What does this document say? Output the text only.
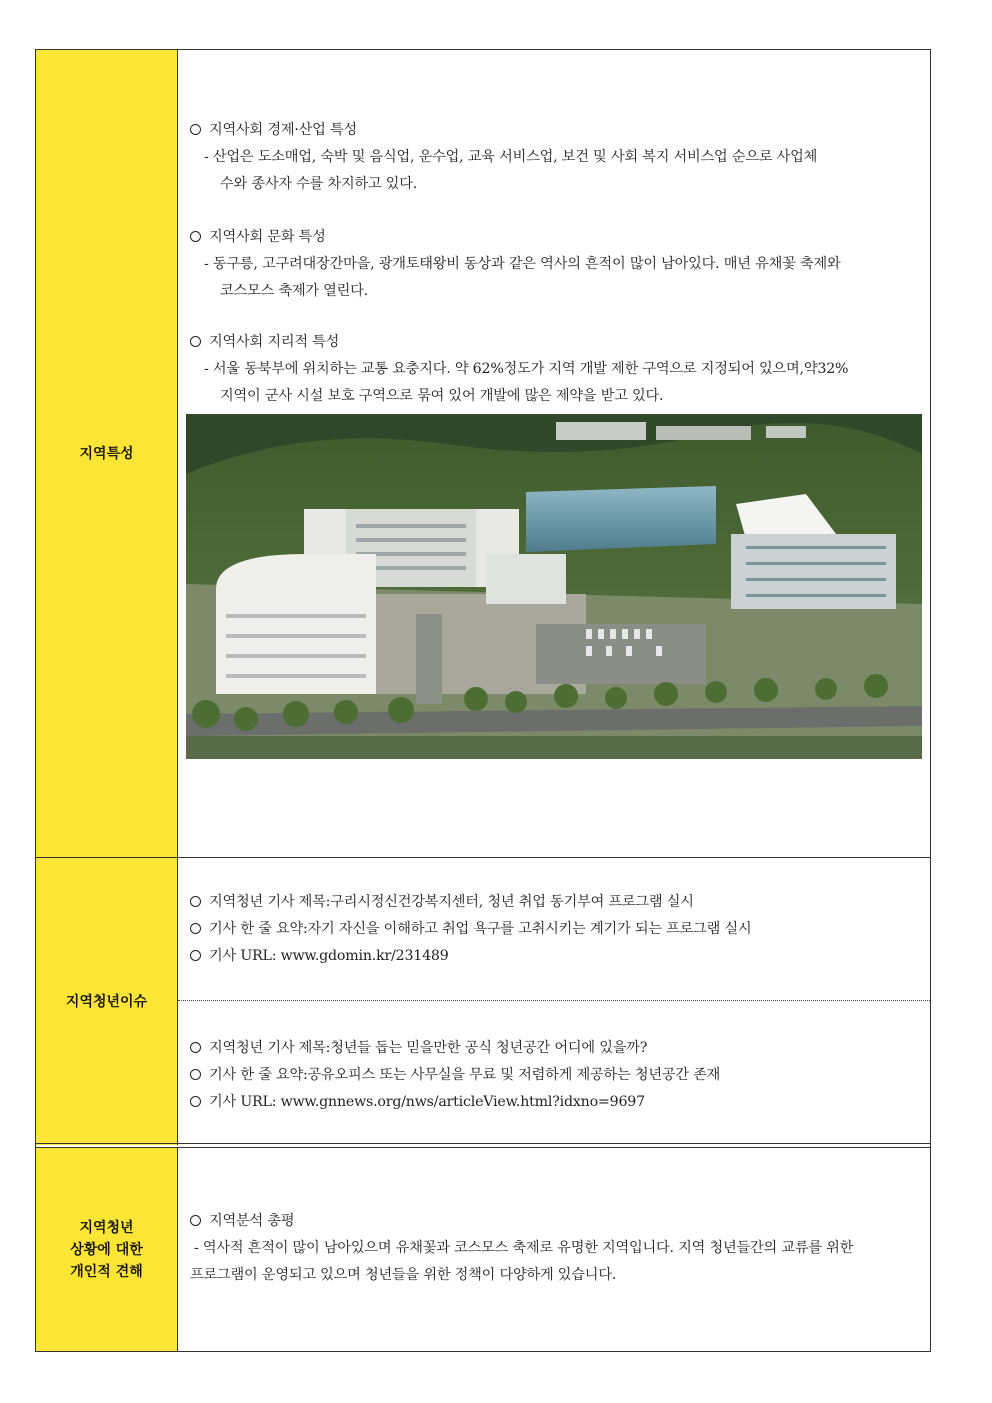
지역특성

지역사회 경제·산업 특성

- 산업은 도소매업, 숙박 및 음식업, 운수업, 교육 서비스업, 보건 및 사회 복지 서비스업 순으로 사업체

수와 종사자 수를 차지하고 있다.

지역사회 문화 특성

- 동구릉, 고구려대장간마을, 광개토태왕비 동상과 같은 역사의 흔적이 많이 남아있다. 매년 유채꽃 축제와

코스모스 축제가 열린다.

지역사회 지리적 특성

- 서울 동북부에 위치하는 교통 요충지다. 약 62%정도가 지역 개발 제한 구역으로 지정되어 있으며,약32%

지역이 군사 시설 보호 구역으로 묶여 있어 개발에 많은 제약을 받고 있다.

지역청년이슈

지역청년 기사 제목:구리시정신건강복지센터, 청년 취업 동기부여 프로그램 실시

기사 한 줄 요약:자기 자신을 이해하고 취업 욕구를 고취시키는 계기가 되는 프로그램 실시

기사 URL: www.gdomin.kr/231489

지역청년 기사 제목:청년들 돕는 믿을만한 공식 청년공간 어디에 있을까?

기사 한 줄 요약:공유오피스 또는 사무실을 무료 및 저렴하게 제공하는 청년공간 존재

기사 URL: www.gnnews.org/nws/articleView.html?idxno=9697

지역청년
상황에 대한
개인적 견해

지역분석 총평

- 역사적 흔적이 많이 남아있으며 유채꽃과 코스모스 축제로 유명한 지역입니다. 지역 청년들간의 교류를 위한

프로그램이 운영되고 있으며 청년들을 위한 정책이 다양하게 있습니다.
